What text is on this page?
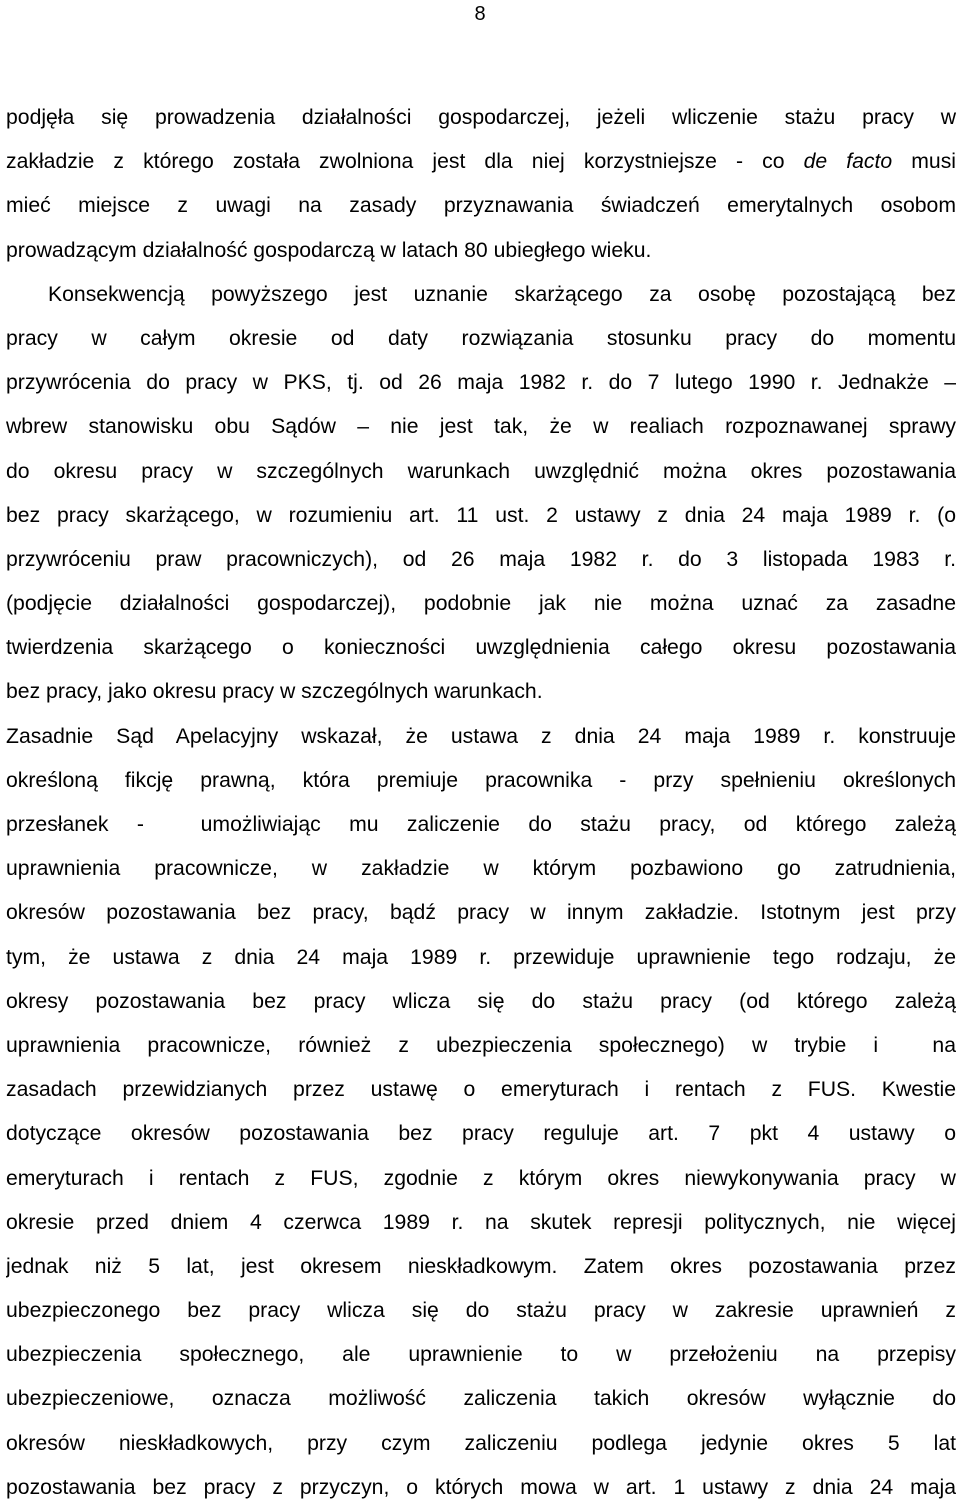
8
podjęła się prowadzenia działalności gospodarczej, jeżeli wliczenie stażu pracy w
zakładzie z którego została zwolniona jest dla niej korzystniejsze - co de facto musi
mieć miejsce z uwagi na zasady przyznawania świadczeń emerytalnych osobom
prowadzącym działalność gospodarczą w latach 80 ubiegłego wieku.
Konsekwencją powyższego jest uznanie skarżącego za osobę pozostającą bez
pracy w całym okresie od daty rozwiązania stosunku pracy do momentu
przywrócenia do pracy w PKS, tj. od 26 maja 1982 r. do 7 lutego 1990 r. Jednakże –
wbrew stanowisku obu Sądów – nie jest tak, że w realiach rozpoznawanej sprawy
do okresu pracy w szczególnych warunkach uwzględnić można okres pozostawania
bez pracy skarżącego, w rozumieniu art. 11 ust. 2 ustawy z dnia 24 maja 1989 r. (o
przywróceniu praw pracowniczych), od 26 maja 1982 r. do 3 listopada 1983 r.
(podjęcie działalności gospodarczej), podobnie jak nie można uznać za zasadne
twierdzenia skarżącego o konieczności uwzględnienia całego okresu pozostawania
bez pracy, jako okresu pracy w szczególnych warunkach.
Zasadnie Sąd Apelacyjny wskazał, że ustawa z dnia 24 maja 1989 r. konstruuje
określoną fikcję prawną, która premiuje pracownika - przy spełnieniu określonych
przesłanek -  umożliwiając mu zaliczenie do stażu pracy, od którego zależą
uprawnienia pracownicze, w zakładzie w którym pozbawiono go zatrudnienia,
okresów pozostawania bez pracy, bądź pracy w innym zakładzie. Istotnym jest przy
tym, że ustawa z dnia 24 maja 1989 r. przewiduje uprawnienie tego rodzaju, że
okresy pozostawania bez pracy wlicza się do stażu pracy (od którego zależą
uprawnienia pracownicze, również z ubezpieczenia społecznego) w trybie i  na
zasadach przewidzianych przez ustawę o emeryturach i rentach z FUS. Kwestie
dotyczące okresów pozostawania bez pracy reguluje art. 7 pkt 4 ustawy o
emeryturach i rentach z FUS, zgodnie z którym okres niewykonywania pracy w
okresie przed dniem 4 czerwca 1989 r. na skutek represji politycznych, nie więcej
jednak niż 5 lat, jest okresem nieskładkowym. Zatem okres pozostawania przez
ubezpieczonego bez pracy wlicza się do stażu pracy w zakresie uprawnień z
ubezpieczenia społecznego, ale uprawnienie to w przełożeniu na przepisy
ubezpieczeniowe, oznacza możliwość zaliczenia takich okresów wyłącznie do
okresów nieskładkowych, przy czym zaliczeniu podlega jedynie okres 5 lat
pozostawania bez pracy z przyczyn, o których mowa w art. 1 ustawy z dnia 24 maja
